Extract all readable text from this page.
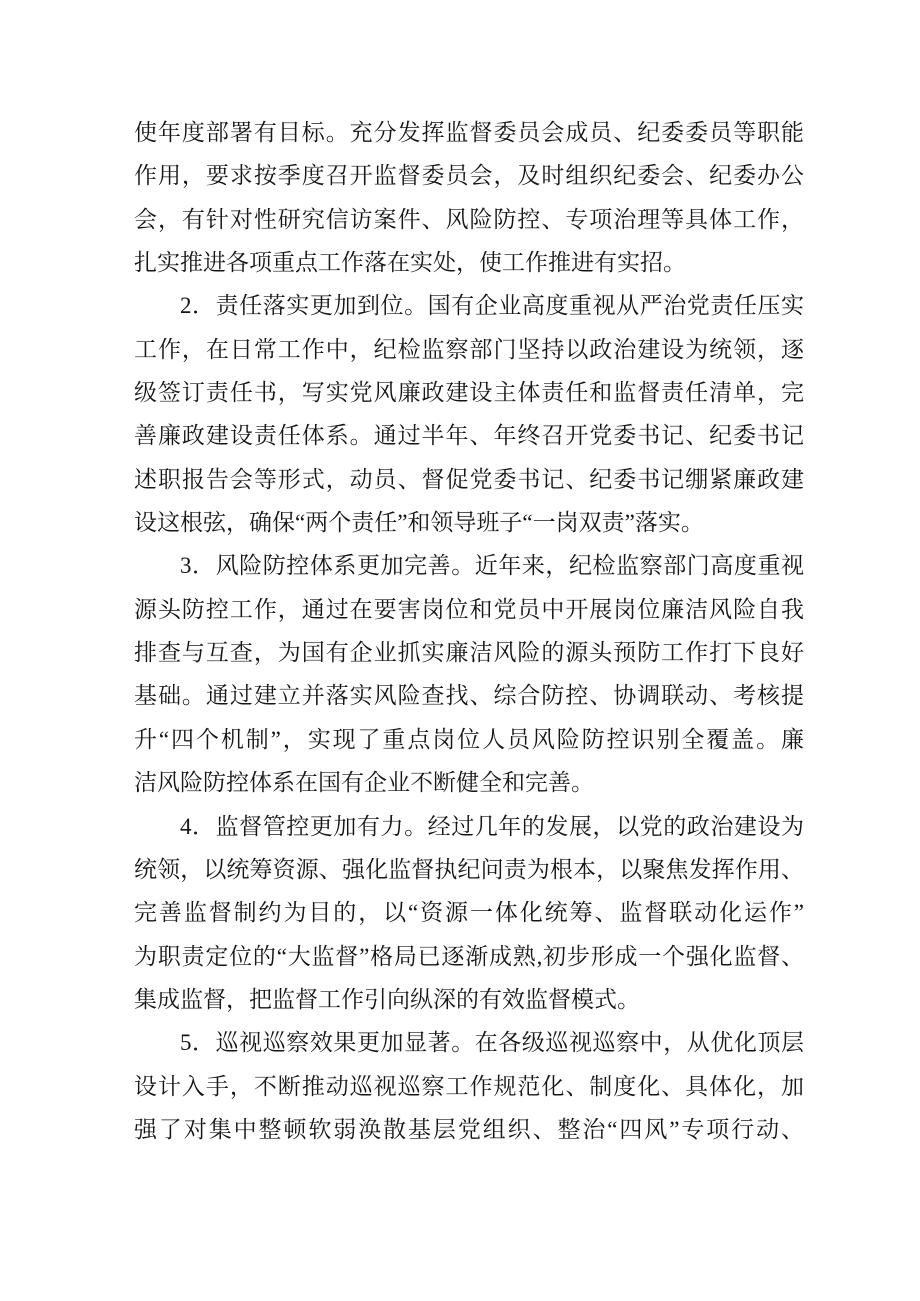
使年度部署有目标。充分发挥监督委员会成员、纪委委员等职能
作用，要求按季度召开监督委员会，及时组织纪委会、纪委办公
会，有针对性研究信访案件、风险防控、专项治理等具体工作，
扎实推进各项重点工作落在实处，使工作推进有实招。

2．责任落实更加到位。国有企业高度重视从严治党责任压实
工作，在日常工作中，纪检监察部门坚持以政治建设为统领，逐
级签订责任书，写实党风廉政建设主体责任和监督责任清单，完
善廉政建设责任体系。通过半年、年终召开党委书记、纪委书记
述职报告会等形式，动员、督促党委书记、纪委书记绷紧廉政建
设这根弦，确保“两个责任”和领导班子“一岗双责”落实。

3．风险防控体系更加完善。近年来，纪检监察部门高度重视
源头防控工作，通过在要害岗位和党员中开展岗位廉洁风险自我
排查与互查，为国有企业抓实廉洁风险的源头预防工作打下良好
基础。通过建立并落实风险查找、综合防控、协调联动、考核提
升“四个机制”，实现了重点岗位人员风险防控识别全覆盖。廉
洁风险防控体系在国有企业不断健全和完善。

4．监督管控更加有力。经过几年的发展，以党的政治建设为
统领，以统筹资源、强化监督执纪问责为根本，以聚焦发挥作用、
完善监督制约为目的，以“资源一体化统筹、监督联动化运作”
为职责定位的“大监督”格局已逐渐成熟,初步形成一个强化监督、
集成监督，把监督工作引向纵深的有效监督模式。

5．巡视巡察效果更加显著。在各级巡视巡察中，从优化顶层
设计入手，不断推动巡视巡察工作规范化、制度化、具体化，加
强了对集中整顿软弱涣散基层党组织、整治“四风”专项行动、
